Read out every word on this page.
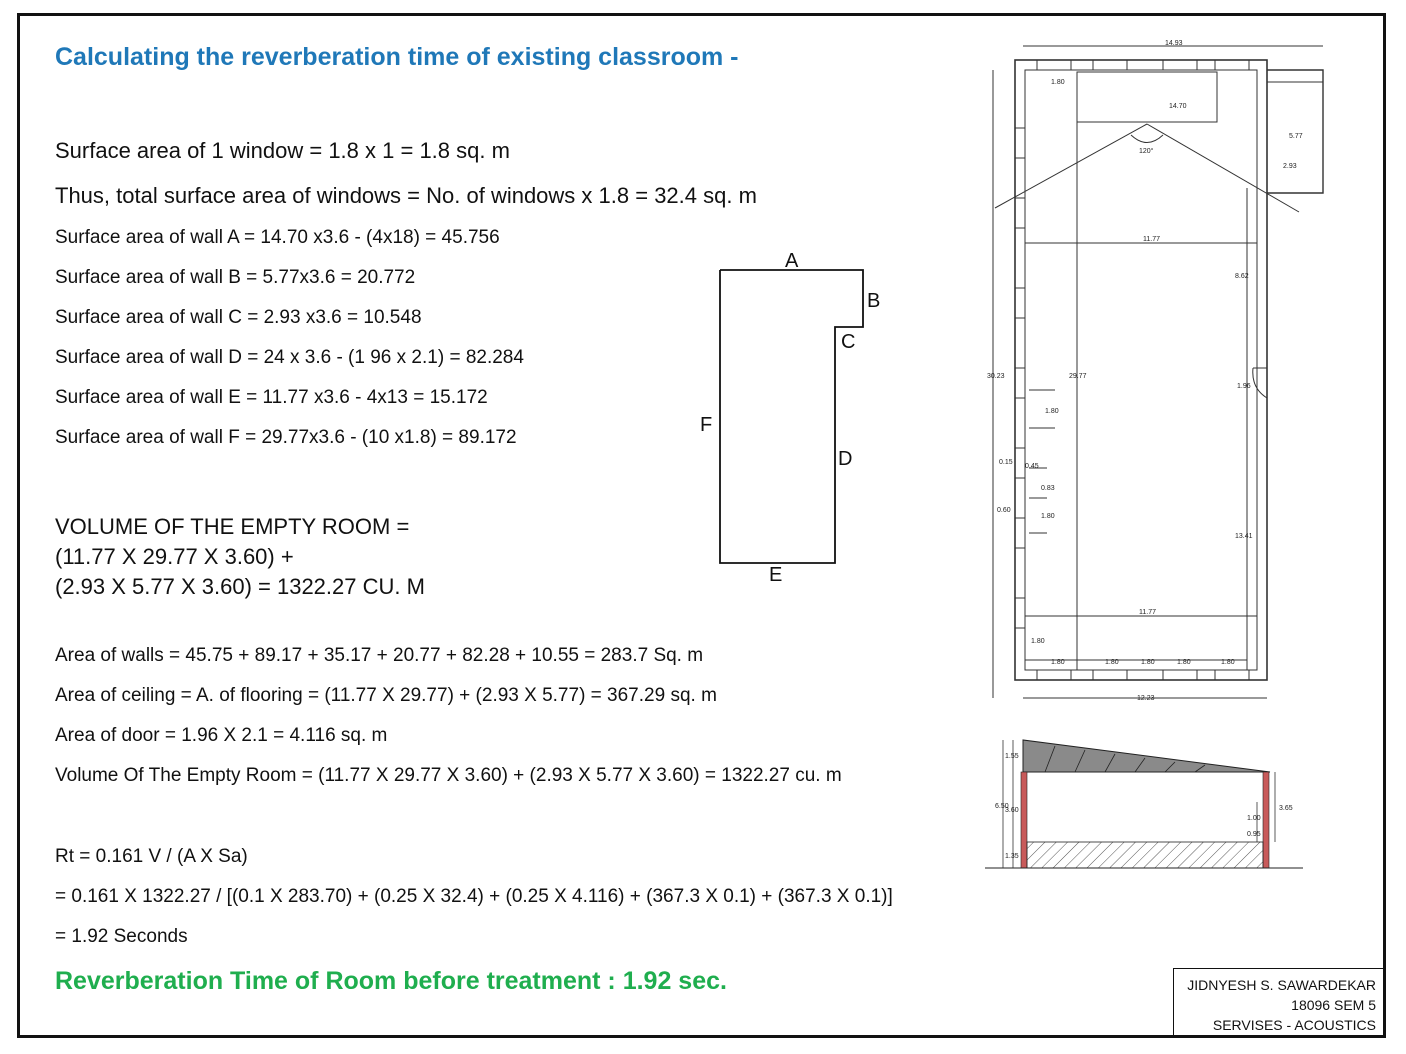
Calculating the reverberation time of existing classroom -
Surface area of 1 window = 1.8 x 1 = 1.8 sq. m
Thus, total surface area of windows = No. of windows x 1.8 = 32.4 sq. m
Surface area of wall A = 14.70 x3.6 - (4x18) = 45.756
Surface area of wall B = 5.77x3.6 = 20.772
Surface area of wall C = 2.93 x3.6 = 10.548
Surface area of wall D = 24 x 3.6 - (1 96 x 2.1) = 82.284
Surface area of wall E = 11.77 x3.6 - 4x13 = 15.172
Surface area of wall F = 29.77x3.6 - (10 x1.8) = 89.172
VOLUME OF THE EMPTY ROOM =
(11.77 X 29.77 X 3.60) +
(2.93 X 5.77 X 3.60) = 1322.27 CU. M
Area of walls = 45.75 + 89.17 + 35.17 + 20.77 + 82.28 + 10.55 = 283.7 Sq. m
Area of ceiling = A. of flooring = (11.77 X 29.77) + (2.93 X 5.77) = 367.29 sq. m
Area of door = 1.96 X 2.1 = 4.116 sq. m
Volume Of The Empty Room = (11.77 X 29.77 X 3.60) + (2.93 X 5.77 X 3.60) = 1322.27 cu. m
Rt = 0.161 V / (A X Sa)
= 0.161 X 1322.27 / [(0.1 X 283.70) + (0.25 X 32.4) + (0.25 X 4.116) + (367.3 X 0.1) + (367.3 X 0.1)]
= 1.92 Seconds
Reverberation Time of Room before treatment : 1.92 sec.	JIDNYESH S. SAWARDEKAR
18096 SEM 5
SERVISES - ACOUSTICS
A
B
C
D
E
F
14.93
1.80
14.70
120°
2.93
5.77
11.77
8.62
30.23	29.77
1.96
1.80
0.15
0.45
0.83
0.60
1.80
13.41
11.77
1.80
1.80	1.80	1.80	1.80	1.80
12.23
1.55
6.50
3.60
1.35
3.65
1.00
0.95
